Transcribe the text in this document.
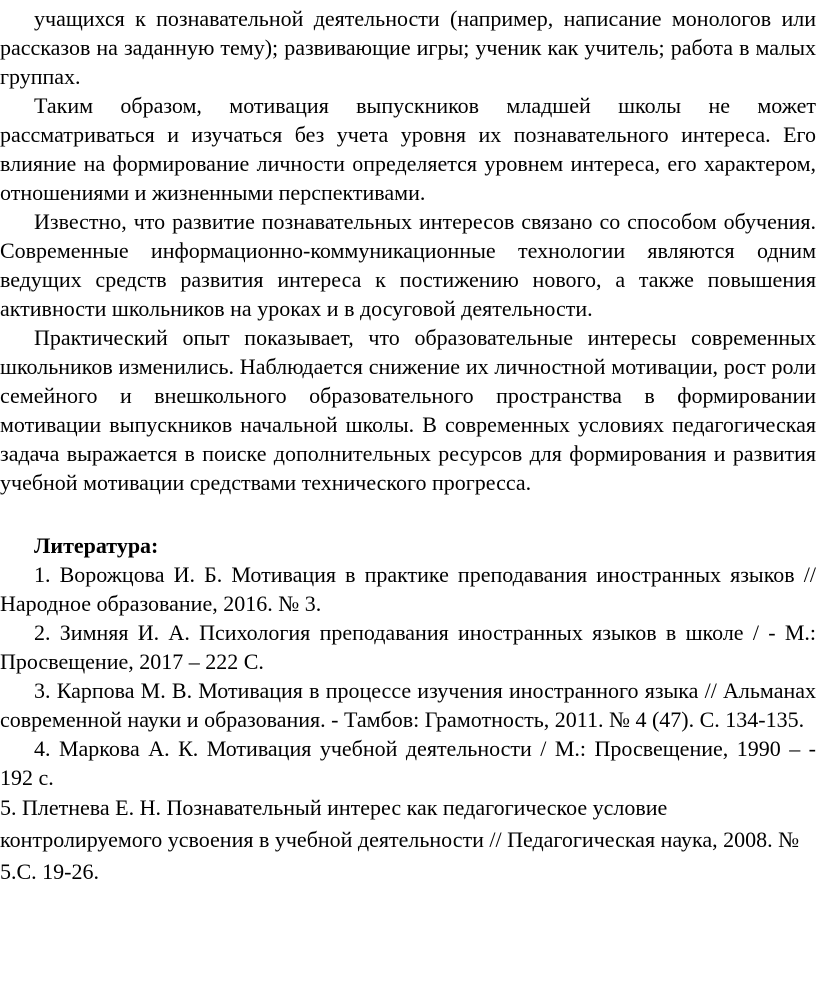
учащихся к познавательной деятельности (например, написание монологов или рассказов на заданную тему); развивающие игры; ученик как учитель; работа в малых группах.

Таким образом, мотивация выпускников младшей школы не может рассматриваться и изучаться без учета уровня их познавательного интереса. Его влияние на формирование личности определяется уровнем интереса, его характером, отношениями и жизненными перспективами.

Известно, что развитие познавательных интересов связано со способом обучения. Современные информационно-коммуникационные технологии являются одним ведущих средств развития интереса к постижению нового, а также повышения активности школьников на уроках и в досуговой деятельности.

Практический опыт показывает, что образовательные интересы современных школьников изменились. Наблюдается снижение их личностной мотивации, рост роли семейного и внешкольного образовательного пространства в формировании мотивации выпускников начальной школы. В современных условиях педагогическая задача выражается в поиске дополнительных ресурсов для формирования и развития учебной мотивации средствами технического прогресса.

Литература:

1. Ворожцова И. Б. Мотивация в практике преподавания иностранных языков // Народное образование, 2016. № 3.

2. Зимняя И. А. Психология преподавания иностранных языков в школе / - М.: Просвещение, 2017 – 222 С.

3. Карпова М. В. Мотивация в процессе изучения иностранного языка // Альманах современной науки и образования. - Тамбов: Грамотность, 2011. № 4 (47). С. 134-135.

4. Маркова А. К. Мотивация учебной деятельности / М.: Просвещение, 1990 – - 192 с.

5. Плетнева Е. Н. Познавательный интерес как педагогическое условие контролируемого усвоения в учебной деятельности // Педагогическая наука, 2008. № 5.С. 19-26.
